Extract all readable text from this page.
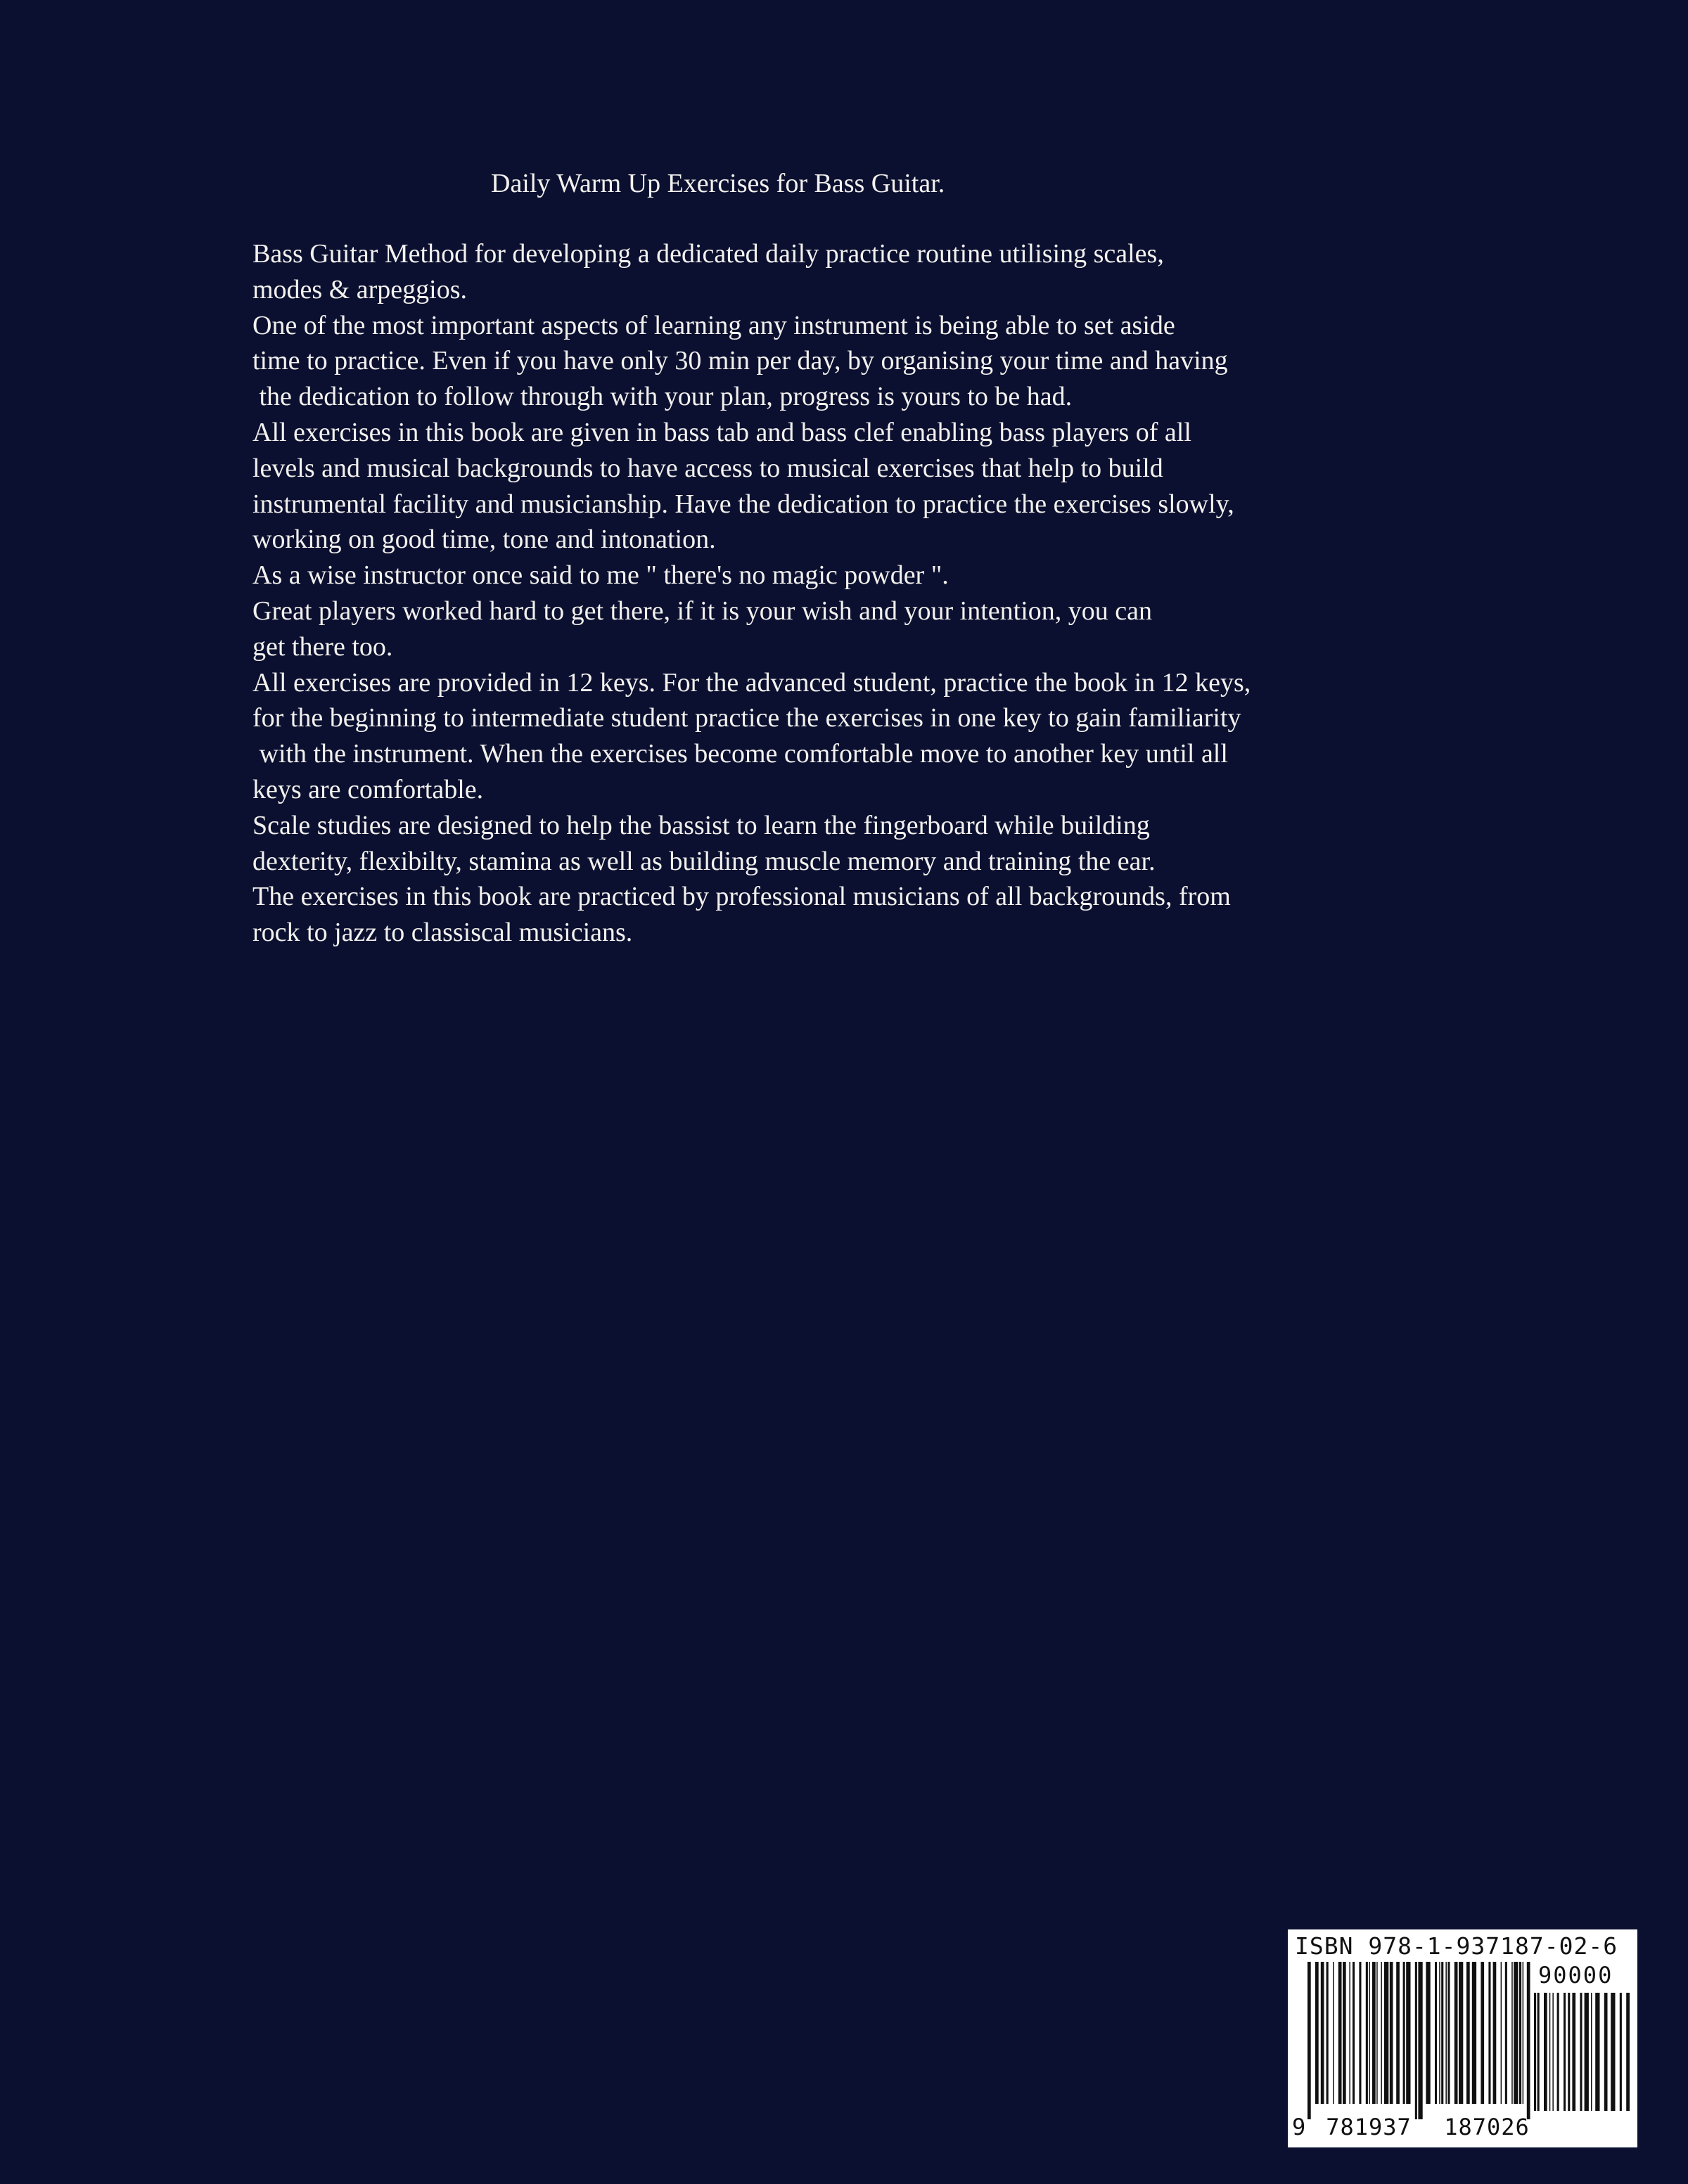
Daily Warm Up Exercises for Bass Guitar.
Bass Guitar Method for developing a dedicated daily practice routine utilising scales,
modes & arpeggios.
One of the most important aspects of learning any instrument is being able to set aside
time to practice. Even if you have only 30 min per day, by organising your time and having
the dedication to follow through with your plan, progress is yours to be had.
All exercises in this book are given in bass tab and bass clef enabling bass players of all
levels and musical backgrounds to have access to musical exercises that help to build
instrumental facility and musicianship. Have the dedication to practice the exercises slowly,
working on good time, tone and intonation.
As a wise instructor once said to me " there's no magic powder ".
Great players worked hard to get there, if it is your wish and your intention, you can
get there too.
All exercises are provided in 12 keys. For the advanced student, practice the book in 12 keys,
for the beginning to intermediate student practice the exercises in one key to gain familiarity
with the instrument. When the exercises become comfortable move to another key until all
keys are comfortable.
Scale studies are designed to help the bassist to learn the fingerboard while building
dexterity, flexibilty, stamina as well as building muscle memory and training the ear.
The exercises in this book are practiced by professional musicians of all backgrounds, from
rock to jazz to classiscal musicians.
ISBN 978-1-937187-02-6
90000
9 781937 187026
